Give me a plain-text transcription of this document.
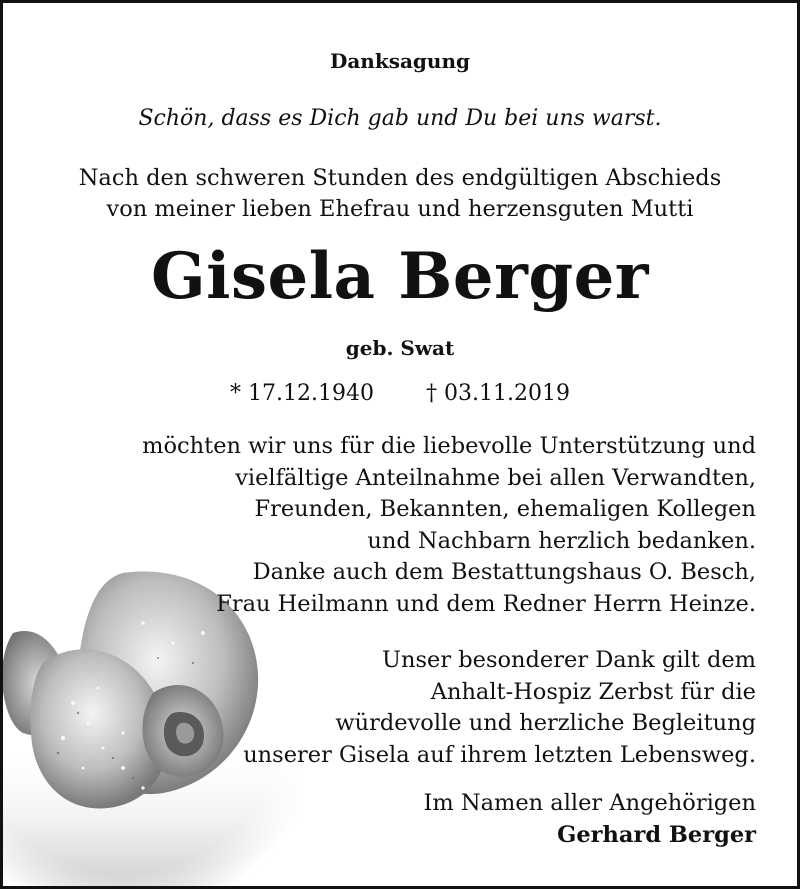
Danksagung
Schön, dass es Dich gab und Du bei uns warst.
Nach den schweren Stunden des endgültigen Abschieds
von meiner lieben Ehefrau und herzensguten Mutti
Gisela Berger
geb. Swat
* 17.12.1940 † 03.11.2019
möchten wir uns für die liebevolle Unterstützung und
vielfältige Anteilnahme bei allen Verwandten,
Freunden, Bekannten, ehemaligen Kollegen
und Nachbarn herzlich bedanken.
Danke auch dem Bestattungshaus O. Besch,
Frau Heilmann und dem Redner Herrn Heinze.
Unser besonderer Dank gilt dem
Anhalt-Hospiz Zerbst für die
würdevolle und herzliche Begleitung
unserer Gisela auf ihrem letzten Lebensweg.
Im Namen aller Angehörigen
Gerhard Berger
